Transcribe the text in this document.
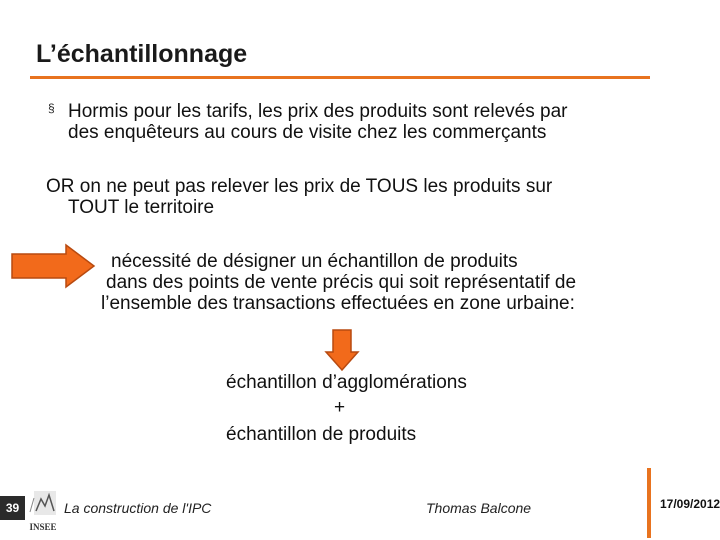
L’échantillonnage
§ Hormis pour les tarifs, les prix des produits sont relevés par
des enquêteurs au cours de visite chez les commerçants
OR on ne peut pas relever les prix de TOUS les produits sur
TOUT le territoire
nécessité de désigner un échantillon de produits
dans des points de vente précis qui soit représentatif de
l’ensemble des transactions effectuées en zone urbaine:
échantillon d’agglomérations
+
échantillon de produits
39
INSEE
La construction de l'IPC	Thomas Balcone	17/09/2012
